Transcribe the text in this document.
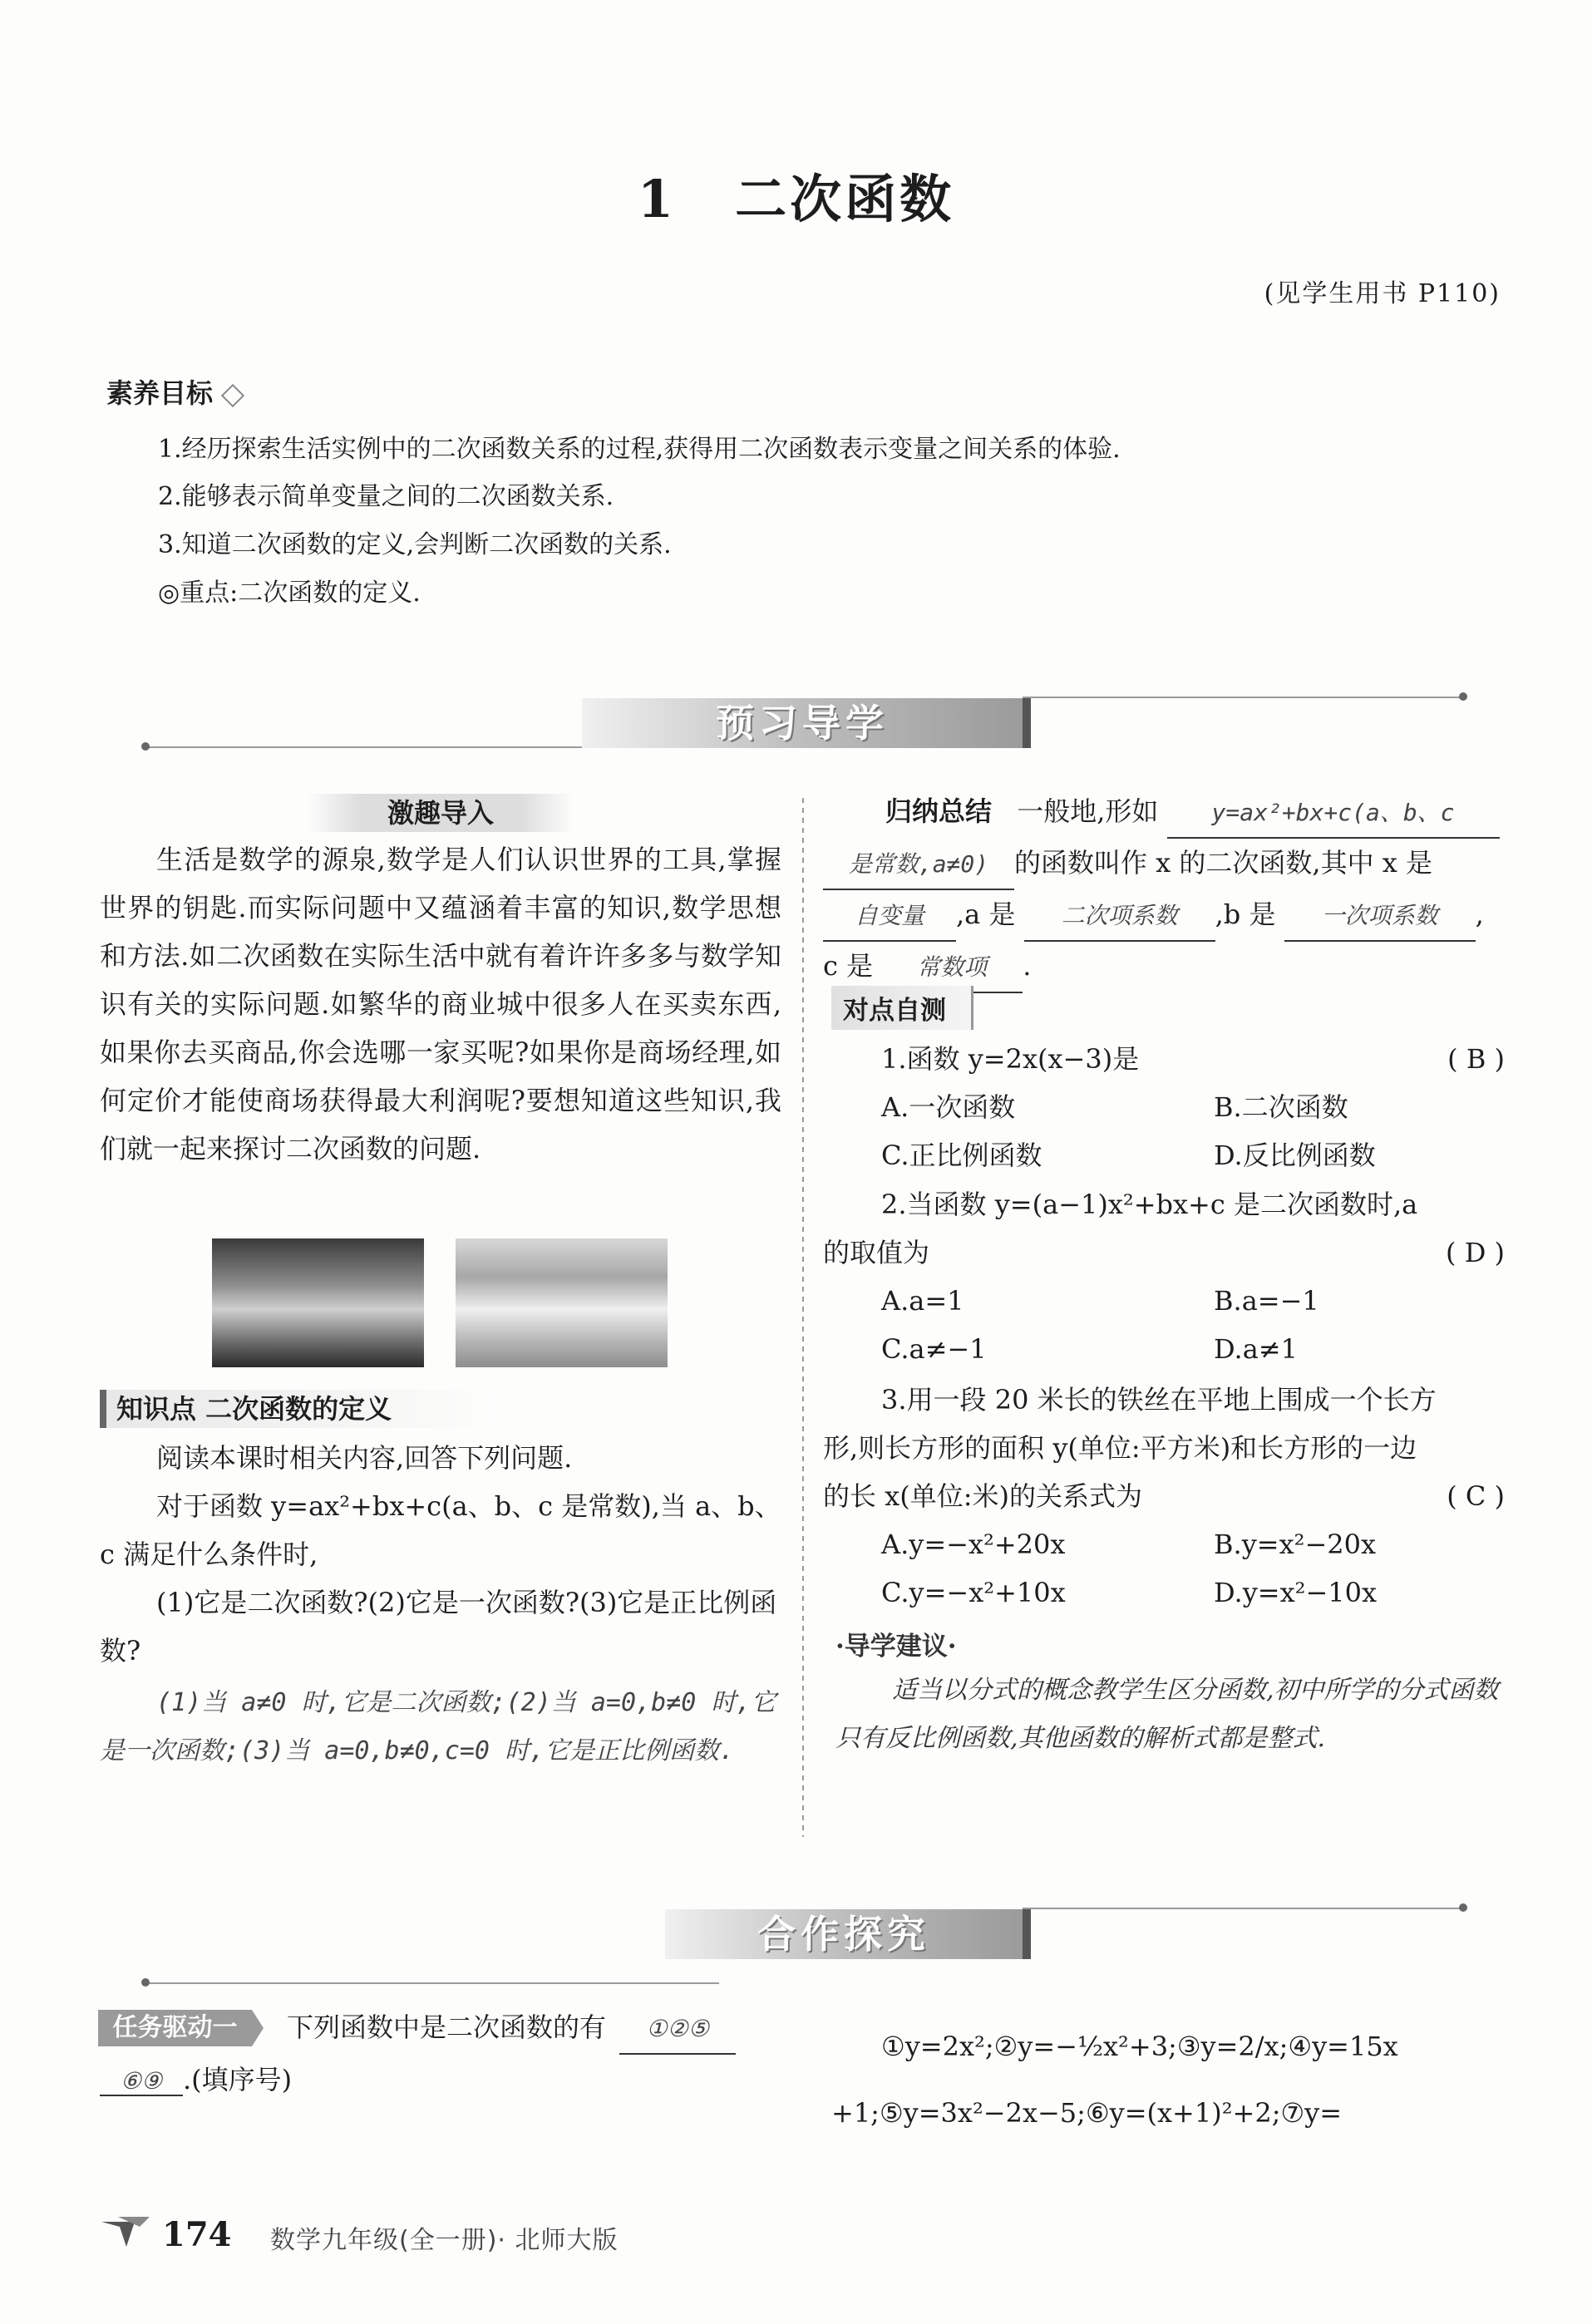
1 二次函数
(见学生用书 P110)
素养目标
1.经历探索生活实例中的二次函数关系的过程,获得用二次函数表示变量之间关系的体验.
2.能够表示简单变量之间的二次函数关系.
3.知道二次函数的定义,会判断二次函数的关系.
◎重点:二次函数的定义.
预习导学
激趣导入
生活是数学的源泉,数学是人们认识世界的工具,掌握世界的钥匙.而实际问题中又蕴涵着丰富的知识,数学思想和方法.如二次函数在实际生活中就有着许许多多与数学知识有关的实际问题.如繁华的商业城中很多人在买卖东西,如果你去买商品,你会选哪一家买呢?如果你是商场经理,如何定价才能使商场获得最大利润呢?要想知道这些知识,我们就一起来探讨二次函数的问题.
知识点 二次函数的定义
阅读本课时相关内容,回答下列问题.
对于函数 y=ax²+bx+c(a、b、c 是常数),当 a、b、c 满足什么条件时,
(1)它是二次函数?(2)它是一次函数?(3)它是正比例函数?
(1)当 a≠0 时,它是二次函数;(2)当 a=0,b≠0 时,它是一次函数;(3)当 a=0,b≠0,c=0 时,它是正比例函数.
归纳总结 一般地,形如 y=ax²+bx+c(a、b、c
是常数,a≠0) 的函数叫作 x 的二次函数,其中 x 是
自变量 ,a 是 二次项系数 ,b 是 一次项系数 ,
c 是 常数项 .
对点自测
1.函数 y=2x(x−3)是	( B )
A.一次函数	B.二次函数
C.正比例函数	D.反比例函数
2.当函数 y=(a−1)x²+bx+c 是二次函数时,a
的取值为	( D )
A.a=1	B.a=−1
C.a≠−1	D.a≠1
3.用一段 20 米长的铁丝在平地上围成一个长方
形,则长方形的面积 y(单位:平方米)和长方形的一边
的长 x(单位:米)的关系式为	( C )
A.y=−x²+20x	B.y=x²−20x
C.y=−x²+10x	D.y=x²−10x
·导学建议·
适当以分式的概念教学生区分函数,初中所学的分式函数只有反比例函数,其他函数的解析式都是整式.
合作探究
任务驱动一	下列函数中是二次函数的有 ①②⑤
⑥⑨ .(填序号)
①y=2x²;②y=−½x²+3;③y=2/x;④y=15x
+1;⑤y=3x²−2x−5;⑥y=(x+1)²+2;⑦y=
174 数学九年级(全一册)· 北师大版
